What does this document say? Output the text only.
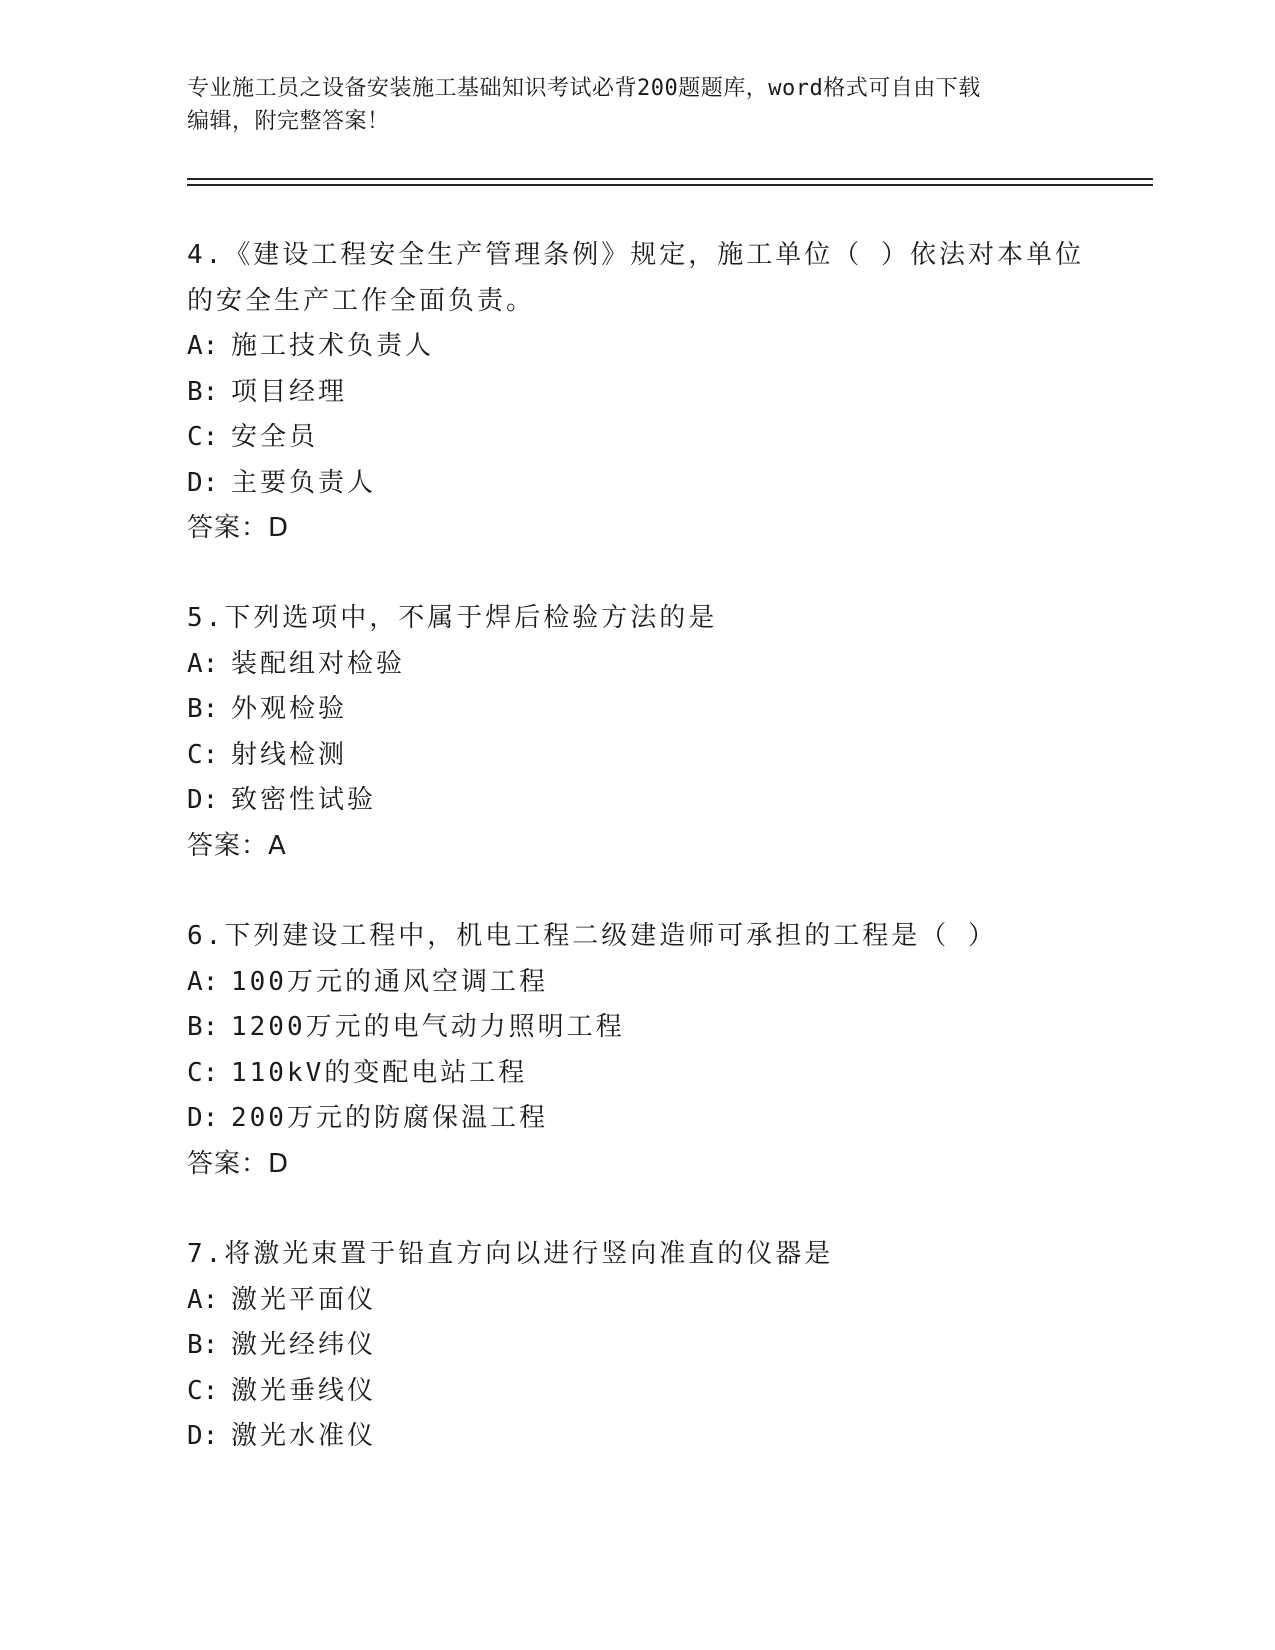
专业施工员之设备安装施工基础知识考试必背200题题库，word格式可自由下载
编辑，附完整答案！
4.《建设工程安全生产管理条例》规定，施工单位（ ）依法对本单位
的安全生产工作全面负责。
A: 施工技术负责人
B: 项目经理
C: 安全员
D: 主要负责人
答案：D
5.下列选项中，不属于焊后检验方法的是
A: 装配组对检验
B: 外观检验
C: 射线检测
D: 致密性试验
答案：A
6.下列建设工程中，机电工程二级建造师可承担的工程是（ ）
A: 100万元的通风空调工程
B: 1200万元的电气动力照明工程
C: 110kV的变配电站工程
D: 200万元的防腐保温工程
答案：D
7.将激光束置于铅直方向以进行竖向准直的仪器是
A: 激光平面仪
B: 激光经纬仪
C: 激光垂线仪
D: 激光水准仪
